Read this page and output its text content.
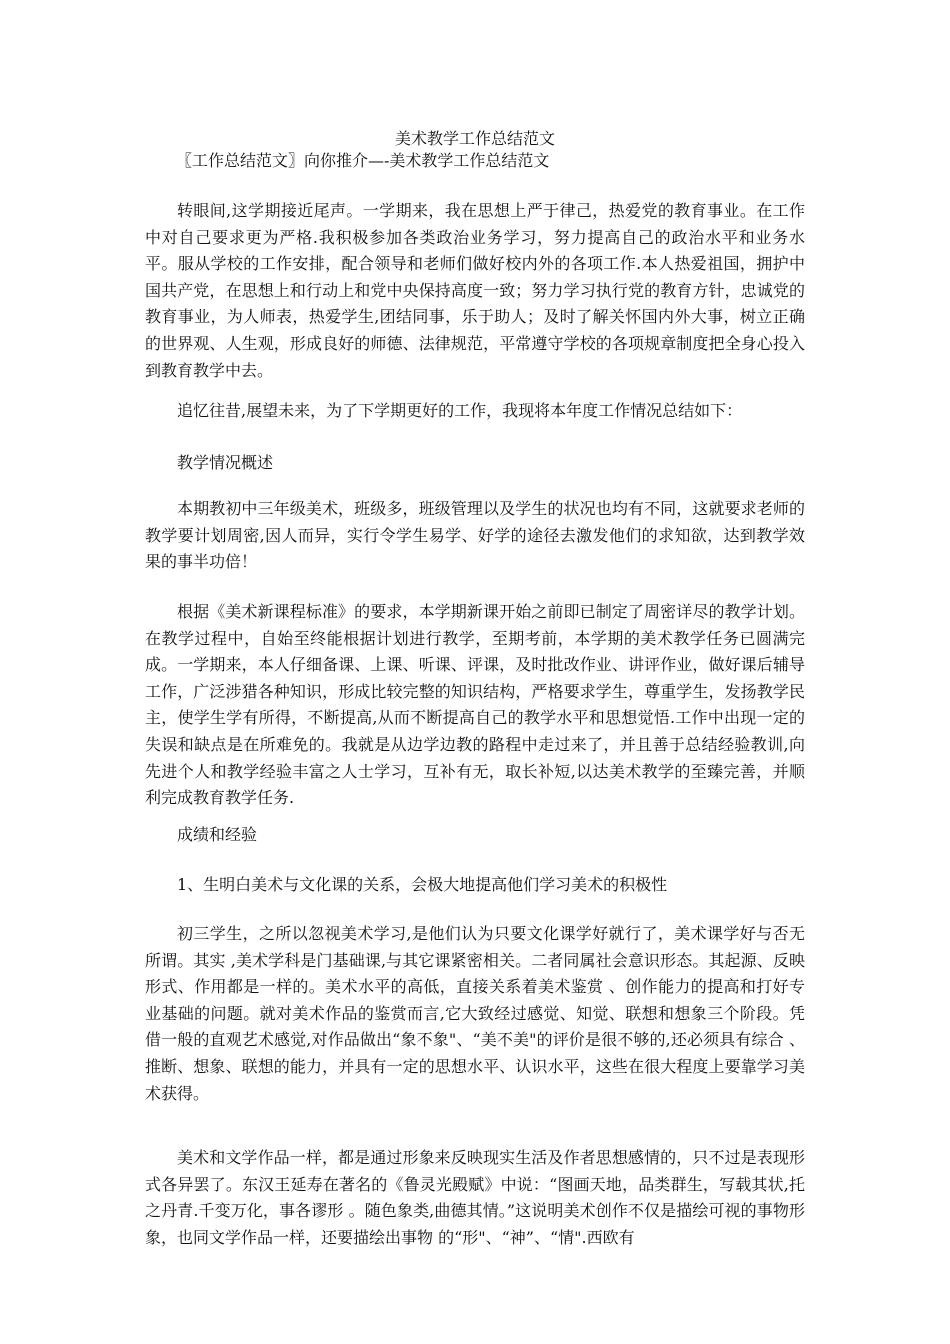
美术教学工作总结范文
〖工作总结范文〗向你推介—-美术教学工作总结范文

转眼间,这学期接近尾声。一学期来，我在思想上严于律己，热爱党的教育事业。在工作中对自己要求更为严格.我积极参加各类政治业务学习，努力提高自己的政治水平和业务水平。服从学校的工作安排，配合领导和老师们做好校内外的各项工作.本人热爱祖国，拥护中国共产党，在思想上和行动上和党中央保持高度一致；努力学习执行党的教育方针，忠诚党的教育事业，为人师表，热爱学生,团结同事，乐于助人；及时了解关怀国内外大事，树立正确的世界观、人生观，形成良好的师德、法律规范，平常遵守学校的各项规章制度把全身心投入到教育教学中去。

追忆往昔,展望未来，为了下学期更好的工作，我现将本年度工作情况总结如下：

教学情况概述

本期教初中三年级美术，班级多，班级管理以及学生的状况也均有不同，这就要求老师的教学要计划周密,因人而异，实行令学生易学、好学的途径去激发他们的求知欲，达到教学效果的事半功倍！

根据《美术新课程标准》的要求，本学期新课开始之前即已制定了周密详尽的教学计划。在教学过程中，自始至终能根据计划进行教学，至期考前，本学期的美术教学任务已圆满完成。一学期来，本人仔细备课、上课、听课、评课，及时批改作业、讲评作业，做好课后辅导工作，广泛涉猎各种知识，形成比较完整的知识结构，严格要求学生，尊重学生，发扬教学民主，使学生学有所得，不断提高,从而不断提高自己的教学水平和思想觉悟.工作中出现一定的失误和缺点是在所难免的。我就是从边学边教的路程中走过来了，并且善于总结经验教训,向先进个人和教学经验丰富之人士学习，互补有无，取长补短,以达美术教学的至臻完善，并顺利完成教育教学任务.

成绩和经验

1、生明白美术与文化课的关系，会极大地提高他们学习美术的积极性

初三学生，之所以忽视美术学习,是他们认为只要文化课学好就行了，美术课学好与否无所谓。其实 ,美术学科是门基础课,与其它课紧密相关。二者同属社会意识形态。其起源、反映形式、作用都是一样的。美术水平的高低，直接关系着美术鉴赏 、创作能力的提高和打好专业基础的问题。就对美术作品的鉴赏而言,它大致经过感觉、知觉、联想和想象三个阶段。凭借一般的直观艺术感觉,对作品做出“象不象"、“美不美"的评价是很不够的,还必须具有综合 、推断、想象、联想的能力，并具有一定的思想水平、认识水平，这些在很大程度上要靠学习美术获得。

美术和文学作品一样，都是通过形象来反映现实生活及作者思想感情的，只不过是表现形式各异罢了。东汉王延寿在著名的《鲁灵光殿赋》中说：“图画天地，品类群生，写载其状,托之丹青.千变万化，事各谬形 。随色象类,曲德其情。”这说明美术创作不仅是描绘可视的事物形象，也同文学作品一样，还要描绘出事物 的“形"、“神”、“情".西欧有
